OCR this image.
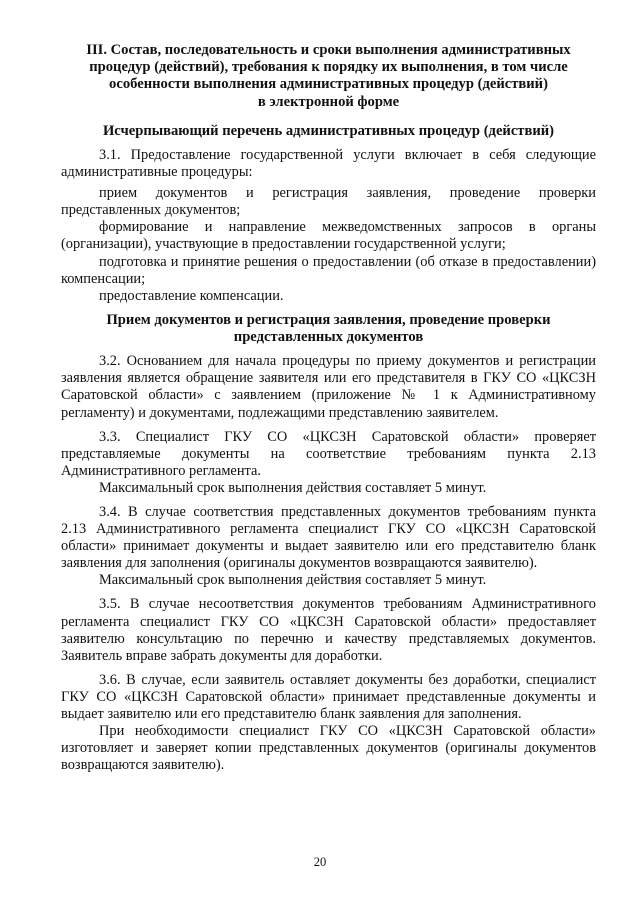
III. Состав, последовательность и сроки выполнения административных
процедур (действий), требования к порядку их выполнения, в том числе
особенности выполнения административных процедур (действий)
в электронной форме
Исчерпывающий перечень административных процедур (действий)

3.1. Предоставление государственной услуги включает в себя следующие административные процедуры:

прием документов и регистрация заявления, проведение проверки представленных документов;

формирование и направление межведомственных запросов в органы (организации), участвующие в предоставлении государственной услуги;

подготовка и принятие решения о предоставлении (об отказе в предоставлении) компенсации;

предоставление компенсации.

Прием документов и регистрация заявления, проведение проверки
представленных документов

3.2. Основанием для начала процедуры по приему документов и регистрации заявления является обращение заявителя или его представителя в ГКУ СО «ЦКСЗН Саратовской области» с заявлением (приложение № 1 к Административному регламенту) и документами, подлежащими представлению заявителем.

3.3. Специалист ГКУ СО «ЦКСЗН Саратовской области» проверяет представляемые документы на соответствие требованиям пункта 2.13 Административного регламента.

Максимальный срок выполнения действия составляет 5 минут.

3.4. В случае соответствия представленных документов требованиям пункта 2.13 Административного регламента специалист ГКУ СО «ЦКСЗН Саратовской области» принимает документы и выдает заявителю или его представителю бланк заявления для заполнения (оригиналы документов возвращаются заявителю).

Максимальный срок выполнения действия составляет 5 минут.

3.5. В случае несоответствия документов требованиям Административного регламента специалист ГКУ СО «ЦКСЗН Саратовской области» предоставляет заявителю консультацию по перечню и качеству представляемых документов. Заявитель вправе забрать документы для доработки.

3.6. В случае, если заявитель оставляет документы без доработки, специалист ГКУ СО «ЦКСЗН Саратовской области» принимает представленные документы и выдает заявителю или его представителю бланк заявления для заполнения.

При необходимости специалист ГКУ СО «ЦКСЗН Саратовской области» изготовляет и заверяет копии представленных документов (оригиналы документов возвращаются заявителю).

20
